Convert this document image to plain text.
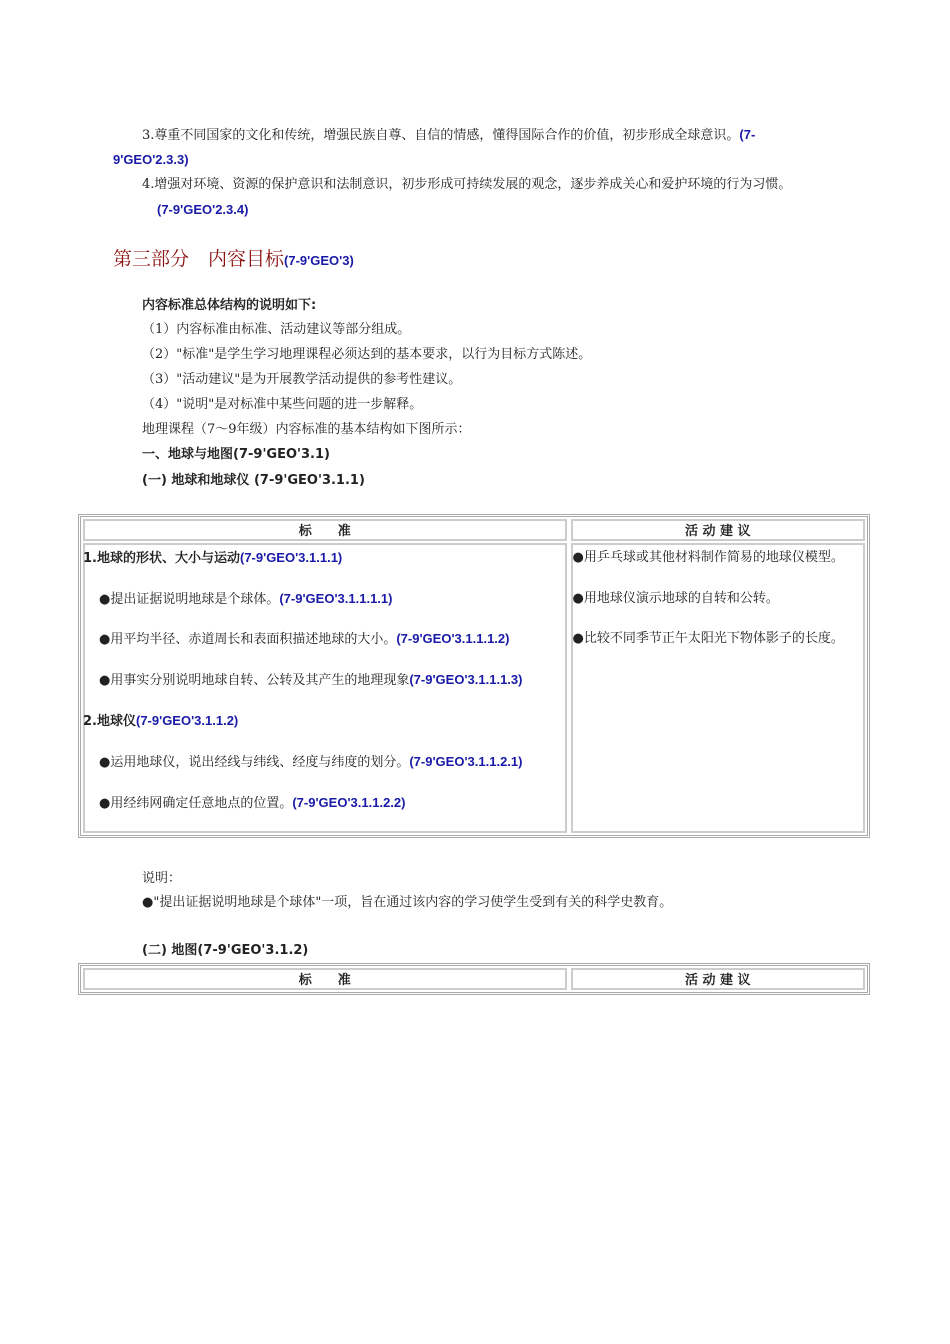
3.尊重不同国家的文化和传统，增强民族自尊、自信的情感，懂得国际合作的价值，初步形成全球意识。(7-
9'GEO'2.3.3)
4.增强对环境、资源的保护意识和法制意识，初步形成可持续发展的观念，逐步养成关心和爱护环境的行为习惯。
(7-9'GEO'2.3.4)
第三部分　内容目标(7-9'GEO'3)
内容标准总体结构的说明如下:
（1）内容标准由标准、活动建议等部分组成。
（2）"标准"是学生学习地理课程必须达到的基本要求，以行为目标方式陈述。
（3）"活动建议"是为开展教学活动提供的参考性建议。
（4）"说明"是对标准中某些问题的进一步解释。
地理课程（7～9年级）内容标准的基本结构如下图所示：
一、地球与地图(7-9'GEO'3.1)
(一) 地球和地球仪 (7-9'GEO'3.1.1)
标　　准	活 动 建 议
1.地球的形状、大小与运动(7-9'GEO'3.1.1.1)
●提出证据说明地球是个球体。(7-9'GEO'3.1.1.1.1)
●用平均半径、赤道周长和表面积描述地球的大小。(7-9'GEO'3.1.1.1.2)
●用事实分别说明地球自转、公转及其产生的地理现象(7-9'GEO'3.1.1.1.3)
2.地球仪(7-9'GEO'3.1.1.2)
●运用地球仪，说出经线与纬线、经度与纬度的划分。(7-9'GEO'3.1.1.2.1)
●用经纬网确定任意地点的位置。(7-9'GEO'3.1.1.2.2)
●用乒乓球或其他材料制作简易的地球仪模型。
●用地球仪演示地球的自转和公转。
●比较不同季节正午太阳光下物体影子的长度。
说明：
●"提出证据说明地球是个球体"一项，旨在通过该内容的学习使学生受到有关的科学史教育。
(二) 地图(7-9'GEO'3.1.2)
标　　准	活 动 建 议
